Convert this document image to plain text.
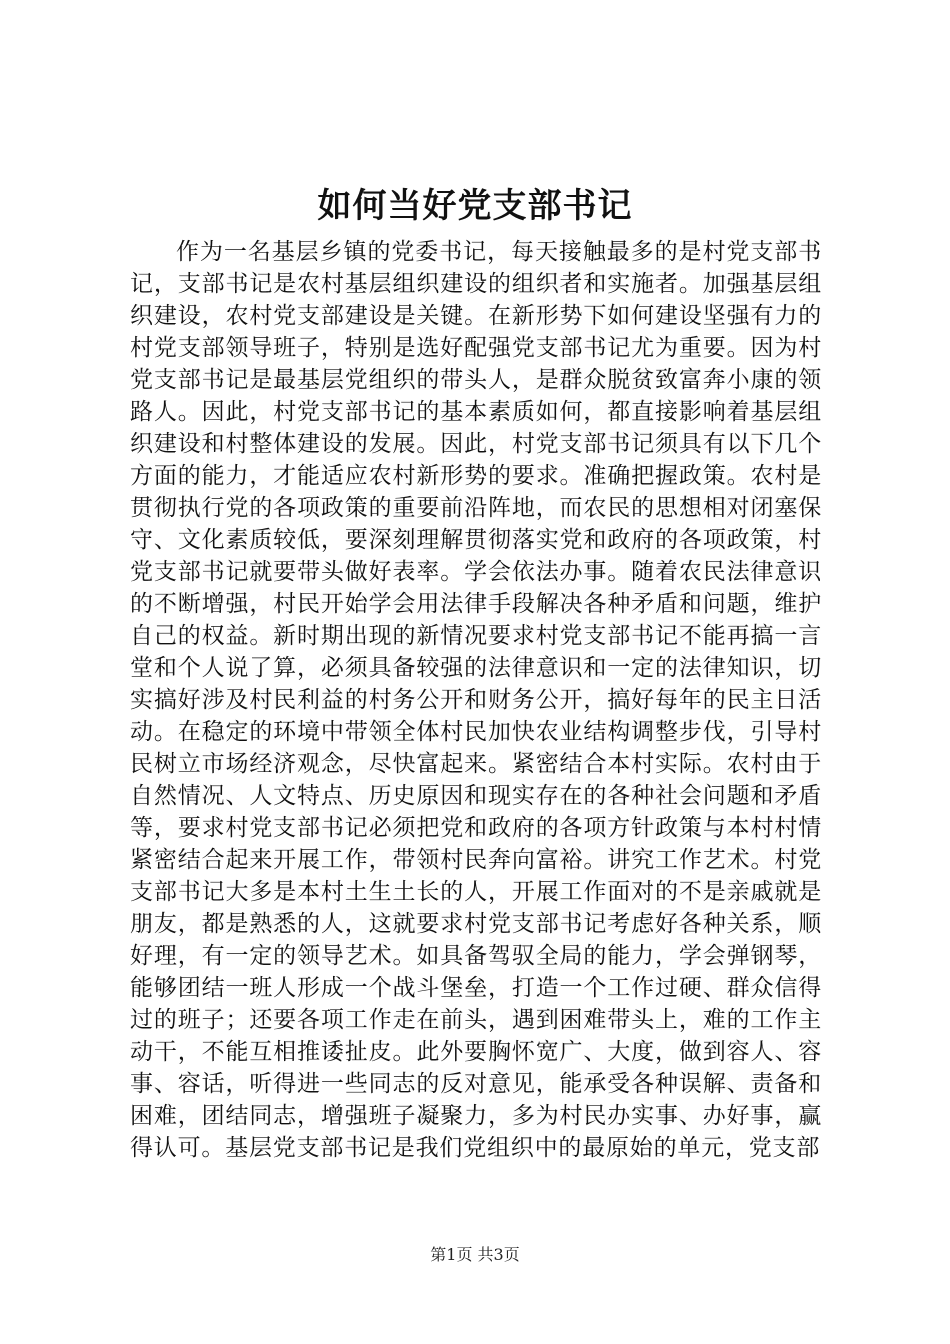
如何当好党支部书记
作为一名基层乡镇的党委书记，每天接触最多的是村党支部书记，支部书记是农村基层组织建设的组织者和实施者。加强基层组织建设，农村党支部建设是关键。在新形势下如何建设坚强有力的村党支部领导班子，特别是选好配强党支部书记尤为重要。因为村党支部书记是最基层党组织的带头人，是群众脱贫致富奔小康的领路人。因此，村党支部书记的基本素质如何，都直接影响着基层组织建设和村整体建设的发展。因此，村党支部书记须具有以下几个方面的能力，才能适应农村新形势的要求。准确把握政策。农村是贯彻执行党的各项政策的重要前沿阵地，而农民的思想相对闭塞保守、文化素质较低，要深刻理解贯彻落实党和政府的各项政策，村党支部书记就要带头做好表率。学会依法办事。随着农民法律意识的不断增强，村民开始学会用法律手段解决各种矛盾和问题，维护自己的权益。新时期出现的新情况要求村党支部书记不能再搞一言堂和个人说了算，必须具备较强的法律意识和一定的法律知识，切实搞好涉及村民利益的村务公开和财务公开，搞好每年的民主日活动。在稳定的环境中带领全体村民加快农业结构调整步伐，引导村民树立市场经济观念，尽快富起来。紧密结合本村实际。农村由于自然情况、人文特点、历史原因和现实存在的各种社会问题和矛盾等，要求村党支部书记必须把党和政府的各项方针政策与本村村情紧密结合起来开展工作，带领村民奔向富裕。讲究工作艺术。村党支部书记大多是本村土生土长的人，开展工作面对的不是亲戚就是朋友，都是熟悉的人，这就要求村党支部书记考虑好各种关系，顺好理，有一定的领导艺术。如具备驾驭全局的能力，学会弹钢琴，能够团结一班人形成一个战斗堡垒，打造一个工作过硬、群众信得过的班子；还要各项工作走在前头，遇到困难带头上，难的工作主动干，不能互相推诿扯皮。此外要胸怀宽广、大度，做到容人、容事、容话，听得进一些同志的反对意见，能承受各种误解、责备和困难，团结同志，增强班子凝聚力，多为村民办实事、办好事，赢得认可。基层党支部书记是我们党组织中的最原始的单元，党支部
第1页 共3页
